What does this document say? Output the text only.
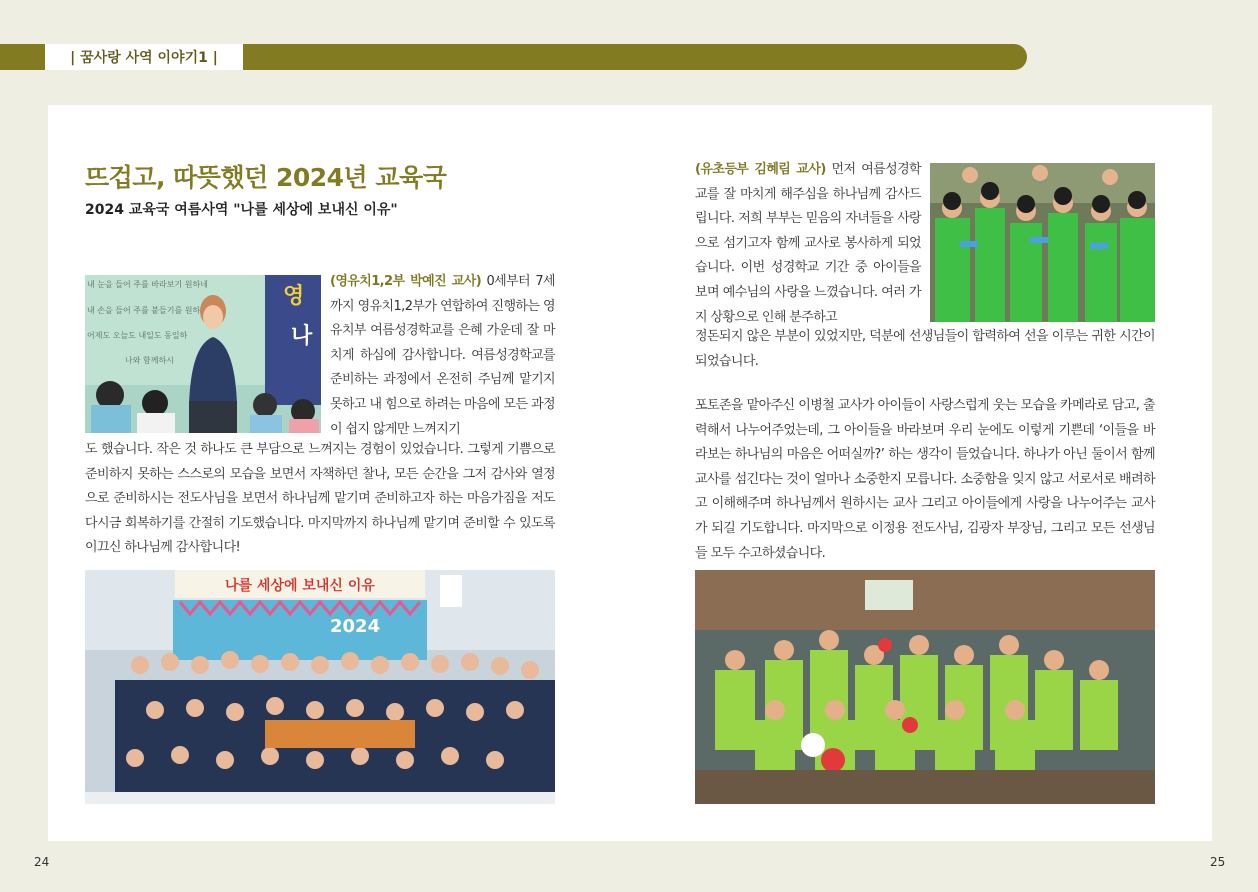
| 꿈사랑 사역 이야기1 |
뜨겁고, 따뜻했던 2024년 교육국

2024 교육국 여름사역 "나를 세상에 보내신 이유"

내 눈을 들어 주를 바라보기 원하네
내 손을 들어 주를 붙들기를 원하
어제도 오늘도 내일도 동일하
나와 함께하시
영
나

(영유치1,2부 박예진 교사) 0세부터 7세까지 영유치1,2부가 연합하여 진행하는 영유치부 여름성경학교를 은혜 가운데 잘 마치게 하심에 감사합니다. 여름성경학교를 준비하는 과정에서 온전히 주님께 맡기지 못하고 내 힘으로 하려는 마음에 모든 과정이 쉽지 않게만 느껴지기

도 했습니다. 작은 것 하나도 큰 부담으로 느껴지는 경험이 있었습니다. 그렇게 기쁨으로 준비하지 못하는 스스로의 모습을 보면서 자책하던 찰나, 모든 순간을 그저 감사와 열정으로 준비하시는 전도사님을 보면서 하나님께 맡기며 준비하고자 하는 마음가짐을 저도 다시금 회복하기를 간절히 기도했습니다. 마지막까지 하나님께 맡기며 준비할 수 있도록 이끄신 하나님께 감사합니다!

나를 세상에 보내신 이유
2024

(유초등부 김혜림 교사) 먼저 여름성경학교를 잘 마치게 해주심을 하나님께 감사드립니다. 저희 부부는 믿음의 자녀들을 사랑으로 섬기고자 함께 교사로 봉사하게 되었습니다. 이번 성경학교 기간 중 아이들을 보며 예수님의 사랑을 느꼈습니다. 여러 가지 상황으로 인해 분주하고

정돈되지 않은 부분이 있었지만, 덕분에 선생님들이 합력하여 선을 이루는 귀한 시간이 되었습니다.

포토존을 맡아주신 이병철 교사가 아이들이 사랑스럽게 웃는 모습을 카메라로 담고, 출력해서 나누어주었는데, 그 아이들을 바라보며 우리 눈에도 이렇게 기쁜데 ‘이들을 바라보는 하나님의 마음은 어떠실까?’ 하는 생각이 들었습니다. 하나가 아닌 둘이서 함께 교사를 섬긴다는 것이 얼마나 소중한지 모릅니다. 소중함을 잊지 않고 서로서로 배려하고 이해해주며 하나님께서 원하시는 교사 그리고 아이들에게 사랑을 나누어주는 교사가 되길 기도합니다. 마지막으로 이정용 전도사님, 김광자 부장님, 그리고 모든 선생님들 모두 수고하셨습니다.

24	25
